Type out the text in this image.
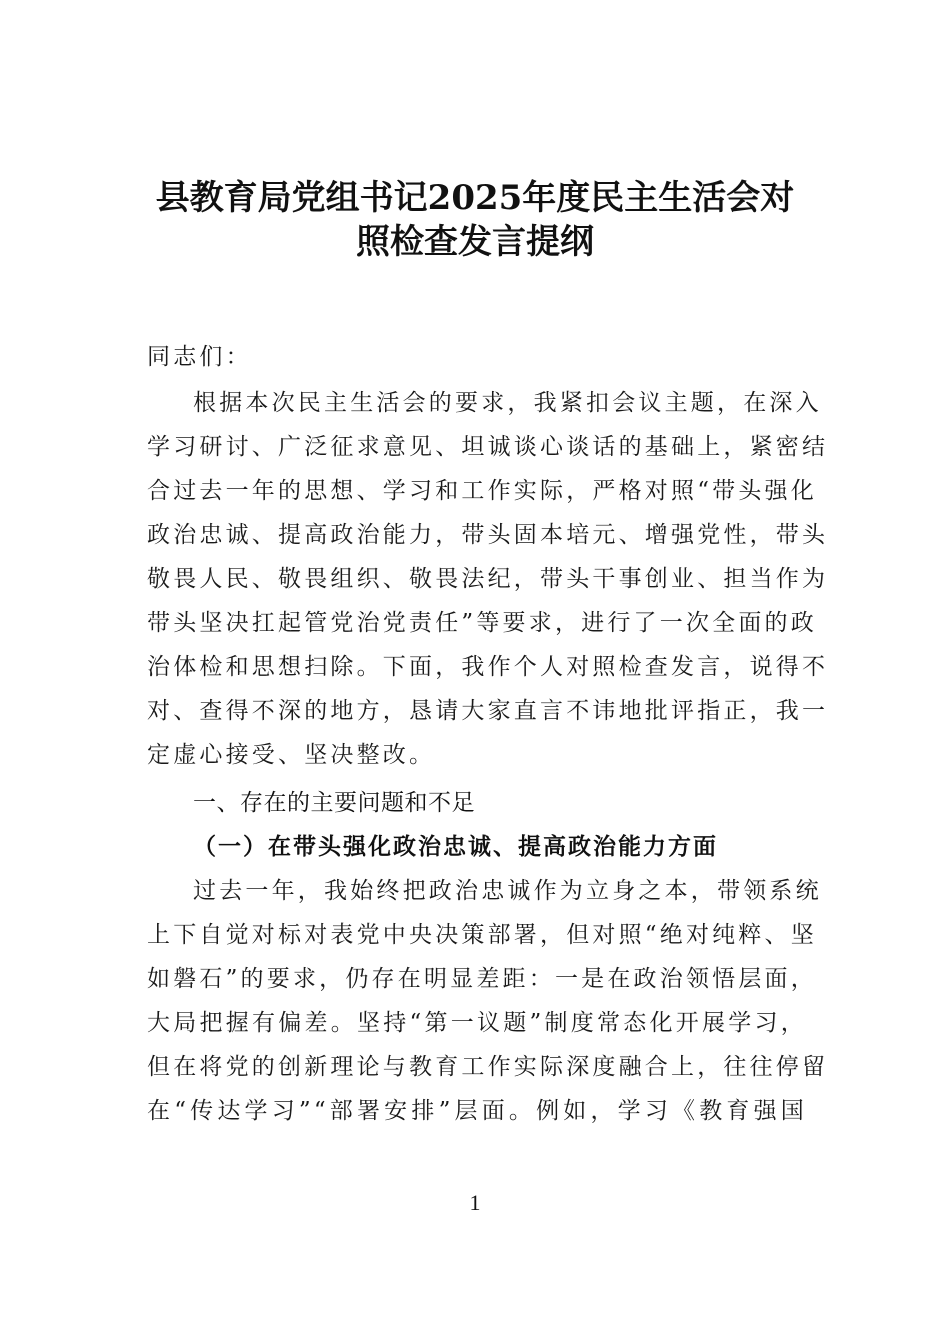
县教育局党组书记2025年度民主生活会对
照检查发言提纲
同志们：
根据本次民主生活会的要求，我紧扣会议主题，在深入
学习研讨、广泛征求意见、坦诚谈心谈话的基础上，紧密结
合过去一年的思想、学习和工作实际，严格对照“带头强化
政治忠诚、提高政治能力，带头固本培元、增强党性，带头
敬畏人民、敬畏组织、敬畏法纪，带头干事创业、担当作为
带头坚决扛起管党治党责任”等要求，进行了一次全面的政
治体检和思想扫除。下面，我作个人对照检查发言，说得不
对、查得不深的地方，恳请大家直言不讳地批评指正，我一
定虚心接受、坚决整改。
一、存在的主要问题和不足
（一）在带头强化政治忠诚、提高政治能力方面
过去一年，我始终把政治忠诚作为立身之本，带领系统
上下自觉对标对表党中央决策部署，但对照“绝对纯粹、坚
如磐石”的要求，仍存在明显差距：一是在政治领悟层面，
大局把握有偏差。坚持“第一议题”制度常态化开展学习，
但在将党的创新理论与教育工作实际深度融合上，往往停留
在“传达学习”“部署安排”层面。例如，学习《教育强国
1
